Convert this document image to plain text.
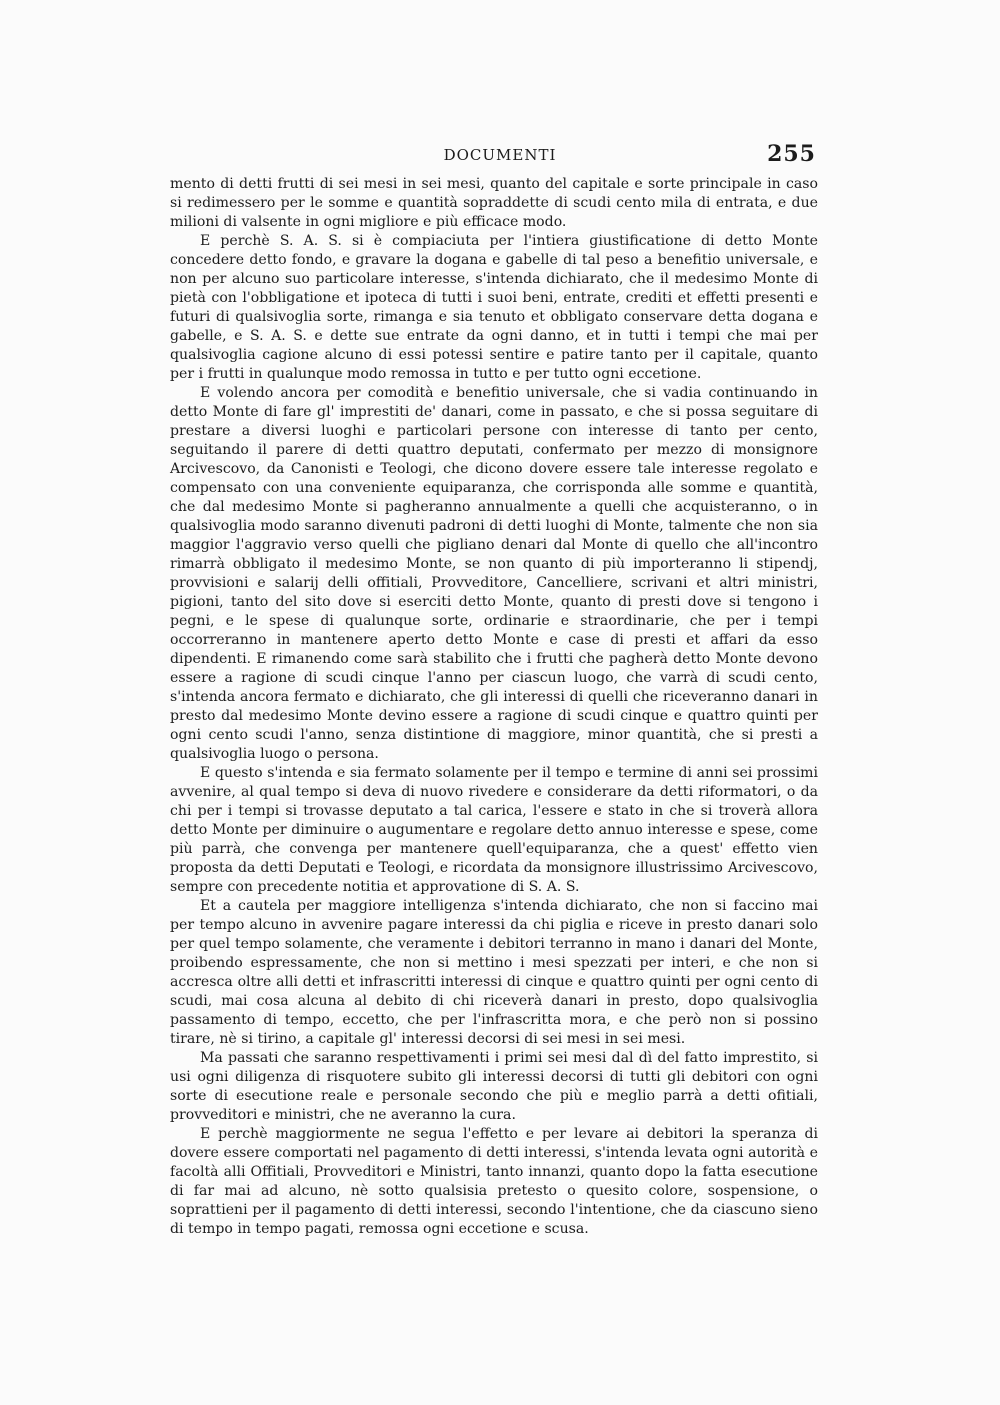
DOCUMENTI	255

mento di detti frutti di sei mesi in sei mesi, quanto del capitale e sorte principale in caso si redimessero per le somme e quantità sopraddette di scudi cento mila di entrata, e due milioni di valsente in ogni migliore e più efficace modo.

E perchè S. A. S. si è compiaciuta per l'intiera giustificatione di detto Monte concedere detto fondo, e gravare la dogana e gabelle di tal peso a benefitio universale, e non per alcuno suo particolare interesse, s'intenda dichiarato, che il medesimo Monte di pietà con l'obbligatione et ipoteca di tutti i suoi beni, entrate, crediti et effetti presenti e futuri di qualsivoglia sorte, rimanga e sia tenuto et obbligato conservare detta dogana e gabelle, e S. A. S. e dette sue entrate da ogni danno, et in tutti i tempi che mai per qualsivoglia cagione alcuno di essi potessi sentire e patire tanto per il capitale, quanto per i frutti in qualunque modo remossa in tutto e per tutto ogni eccetione.

E volendo ancora per comodità e benefitio universale, che si vadia continuando in detto Monte di fare gl' imprestiti de' danari, come in passato, e che si possa seguitare di prestare a diversi luoghi e particolari persone con interesse di tanto per cento, seguitando il parere di detti quattro deputati, confermato per mezzo di monsignore Arcivescovo, da Canonisti e Teologi, che dicono dovere essere tale interesse regolato e compensato con una conveniente equiparanza, che corrisponda alle somme e quantità, che dal medesimo Monte si pagheranno annualmente a quelli che acquisteranno, o in qualsivoglia modo saranno divenuti padroni di detti luoghi di Monte, talmente che non sia maggior l'aggravio verso quelli che pigliano denari dal Monte di quello che all'incontro rimarrà obbligato il medesimo Monte, se non quanto di più importeranno li stipendj, provvisioni e salarij delli offitiali, Provveditore, Cancelliere, scrivani et altri ministri, pigioni, tanto del sito dove si eserciti detto Monte, quanto di presti dove si tengono i pegni, e le spese di qualunque sorte, ordinarie e straordinarie, che per i tempi occorreranno in mantenere aperto detto Monte e case di presti et affari da esso dipendenti. E rimanendo come sarà stabilito che i frutti che pagherà detto Monte devono essere a ragione di scudi cinque l'anno per ciascun luogo, che varrà di scudi cento, s'intenda ancora fermato e dichiarato, che gli interessi di quelli che riceveranno danari in presto dal medesimo Monte devino essere a ragione di scudi cinque e quattro quinti per ogni cento scudi l'anno, senza distintione di maggiore, minor quantità, che si presti a qualsivoglia luogo o persona.

E questo s'intenda e sia fermato solamente per il tempo e termine di anni sei prossimi avvenire, al qual tempo si deva di nuovo rivedere e considerare da detti riformatori, o da chi per i tempi si trovasse deputato a tal carica, l'essere e stato in che si troverà allora detto Monte per diminuire o augumentare e regolare detto annuo interesse e spese, come più parrà, che convenga per mantenere quell'equiparanza, che a quest' effetto vien proposta da detti Deputati e Teologi, e ricordata da monsignore illustrissimo Arcivescovo, sempre con precedente notitia et approvatione di S. A. S.

Et a cautela per maggiore intelligenza s'intenda dichiarato, che non si faccino mai per tempo alcuno in avvenire pagare interessi da chi piglia e riceve in presto danari solo per quel tempo solamente, che veramente i debitori terranno in mano i danari del Monte, proibendo espressamente, che non si mettino i mesi spezzati per interi, e che non si accresca oltre alli detti et infrascritti interessi di cinque e quattro quinti per ogni cento di scudi, mai cosa alcuna al debito di chi riceverà danari in presto, dopo qualsivoglia passamento di tempo, eccetto, che per l'infrascritta mora, e che però non si possino tirare, nè si tirino, a capitale gl' interessi decorsi di sei mesi in sei mesi.

Ma passati che saranno respettivamenti i primi sei mesi dal dì del fatto imprestito, si usi ogni diligenza di risquotere subito gli interessi decorsi di tutti gli debitori con ogni sorte di esecutione reale e personale secondo che più e meglio parrà a detti ofitiali, provveditori e ministri, che ne averanno la cura.

E perchè maggiormente ne segua l'effetto e per levare ai debitori la speranza di dovere essere comportati nel pagamento di detti interessi, s'intenda levata ogni autorità e facoltà alli Offitiali, Provveditori e Ministri, tanto innanzi, quanto dopo la fatta esecutione di far mai ad alcuno, nè sotto qualsisia pretesto o quesito colore, sospensione, o soprattieni per il pagamento di detti interessi, secondo l'intentione, che da ciascuno sieno di tempo in tempo pagati, remossa ogni eccetione e scusa.
